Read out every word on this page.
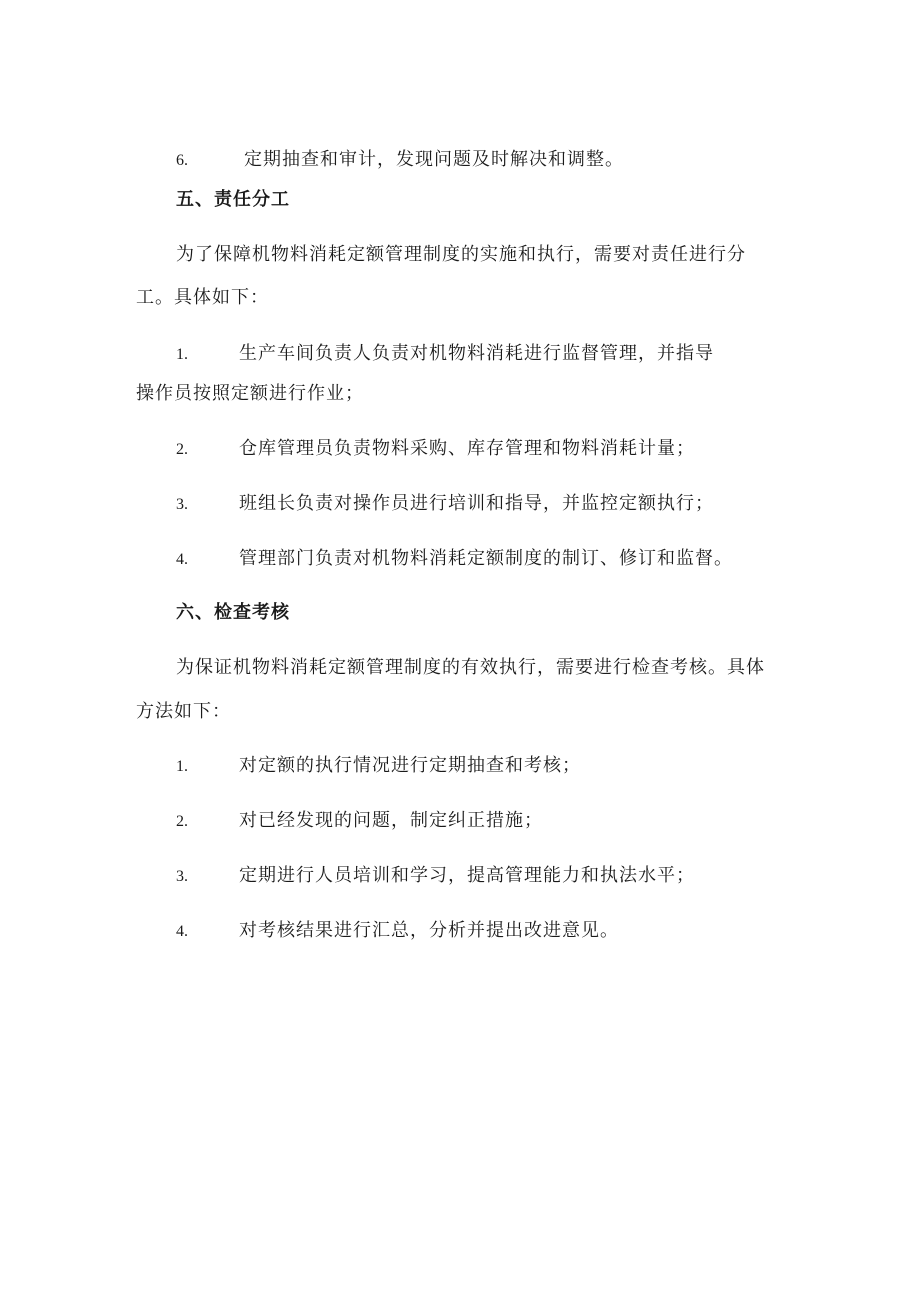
6.	定期抽查和审计，发现问题及时解决和调整。
五、责任分工
为了保障机物料消耗定额管理制度的实施和执行，需要对责任进行分
工。具体如下：
1.	生产车间负责人负责对机物料消耗进行监督管理，并指导
操作员按照定额进行作业；
2.	仓库管理员负责物料采购、库存管理和物料消耗计量；
3.	班组长负责对操作员进行培训和指导，并监控定额执行；
4.	管理部门负责对机物料消耗定额制度的制订、修订和监督。
六、检查考核
为保证机物料消耗定额管理制度的有效执行，需要进行检查考核。具体
方法如下：
1.	对定额的执行情况进行定期抽查和考核；
2.	对已经发现的问题，制定纠正措施；
3.	定期进行人员培训和学习，提高管理能力和执法水平；
4.	对考核结果进行汇总，分析并提出改进意见。
